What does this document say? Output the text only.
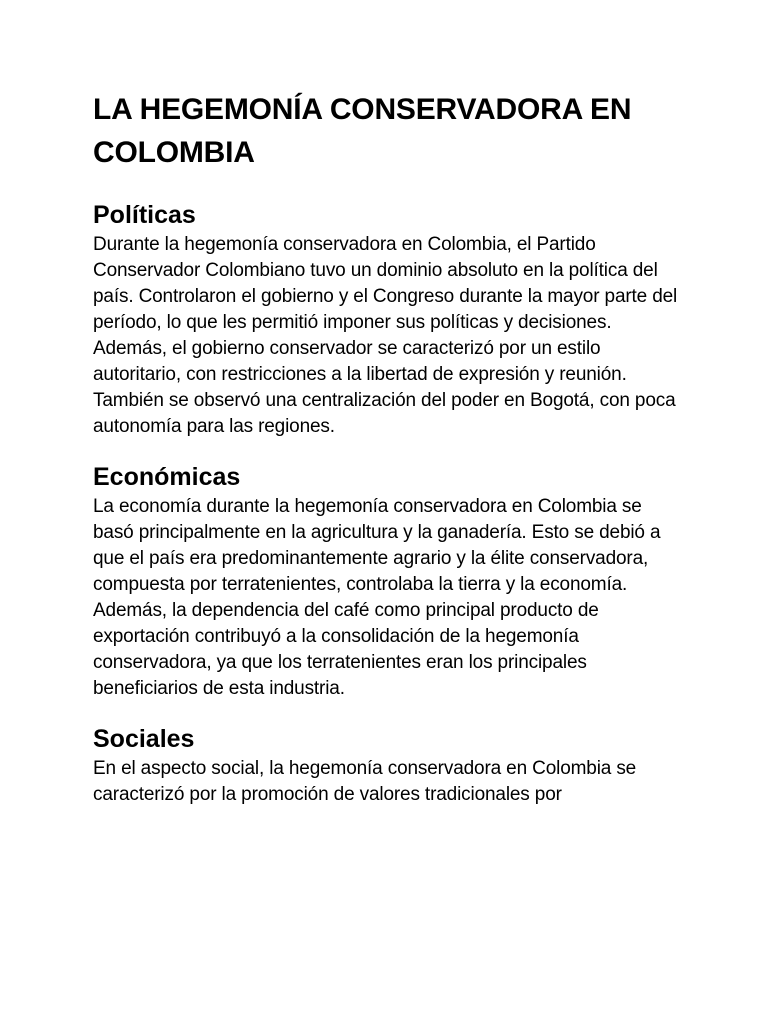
LA HEGEMONÍA CONSERVADORA EN COLOMBIA
Políticas

Durante la hegemonía conservadora en Colombia, el Partido Conservador Colombiano tuvo un dominio absoluto en la política del país. Controlaron el gobierno y el Congreso durante la mayor parte del período, lo que les permitió imponer sus políticas y decisiones. Además, el gobierno conservador se caracterizó por un estilo autoritario, con restricciones a la libertad de expresión y reunión. También se observó una centralización del poder en Bogotá, con poca autonomía para las regiones.

Económicas

La economía durante la hegemonía conservadora en Colombia se basó principalmente en la agricultura y la ganadería. Esto se debió a que el país era predominantemente agrario y la élite conservadora, compuesta por terratenientes, controlaba la tierra y la economía. Además, la dependencia del café como principal producto de exportación contribuyó a la consolidación de la hegemonía conservadora, ya que los terratenientes eran los principales beneficiarios de esta industria.

Sociales

En el aspecto social, la hegemonía conservadora en Colombia se caracterizó por la promoción de valores tradicionales por
